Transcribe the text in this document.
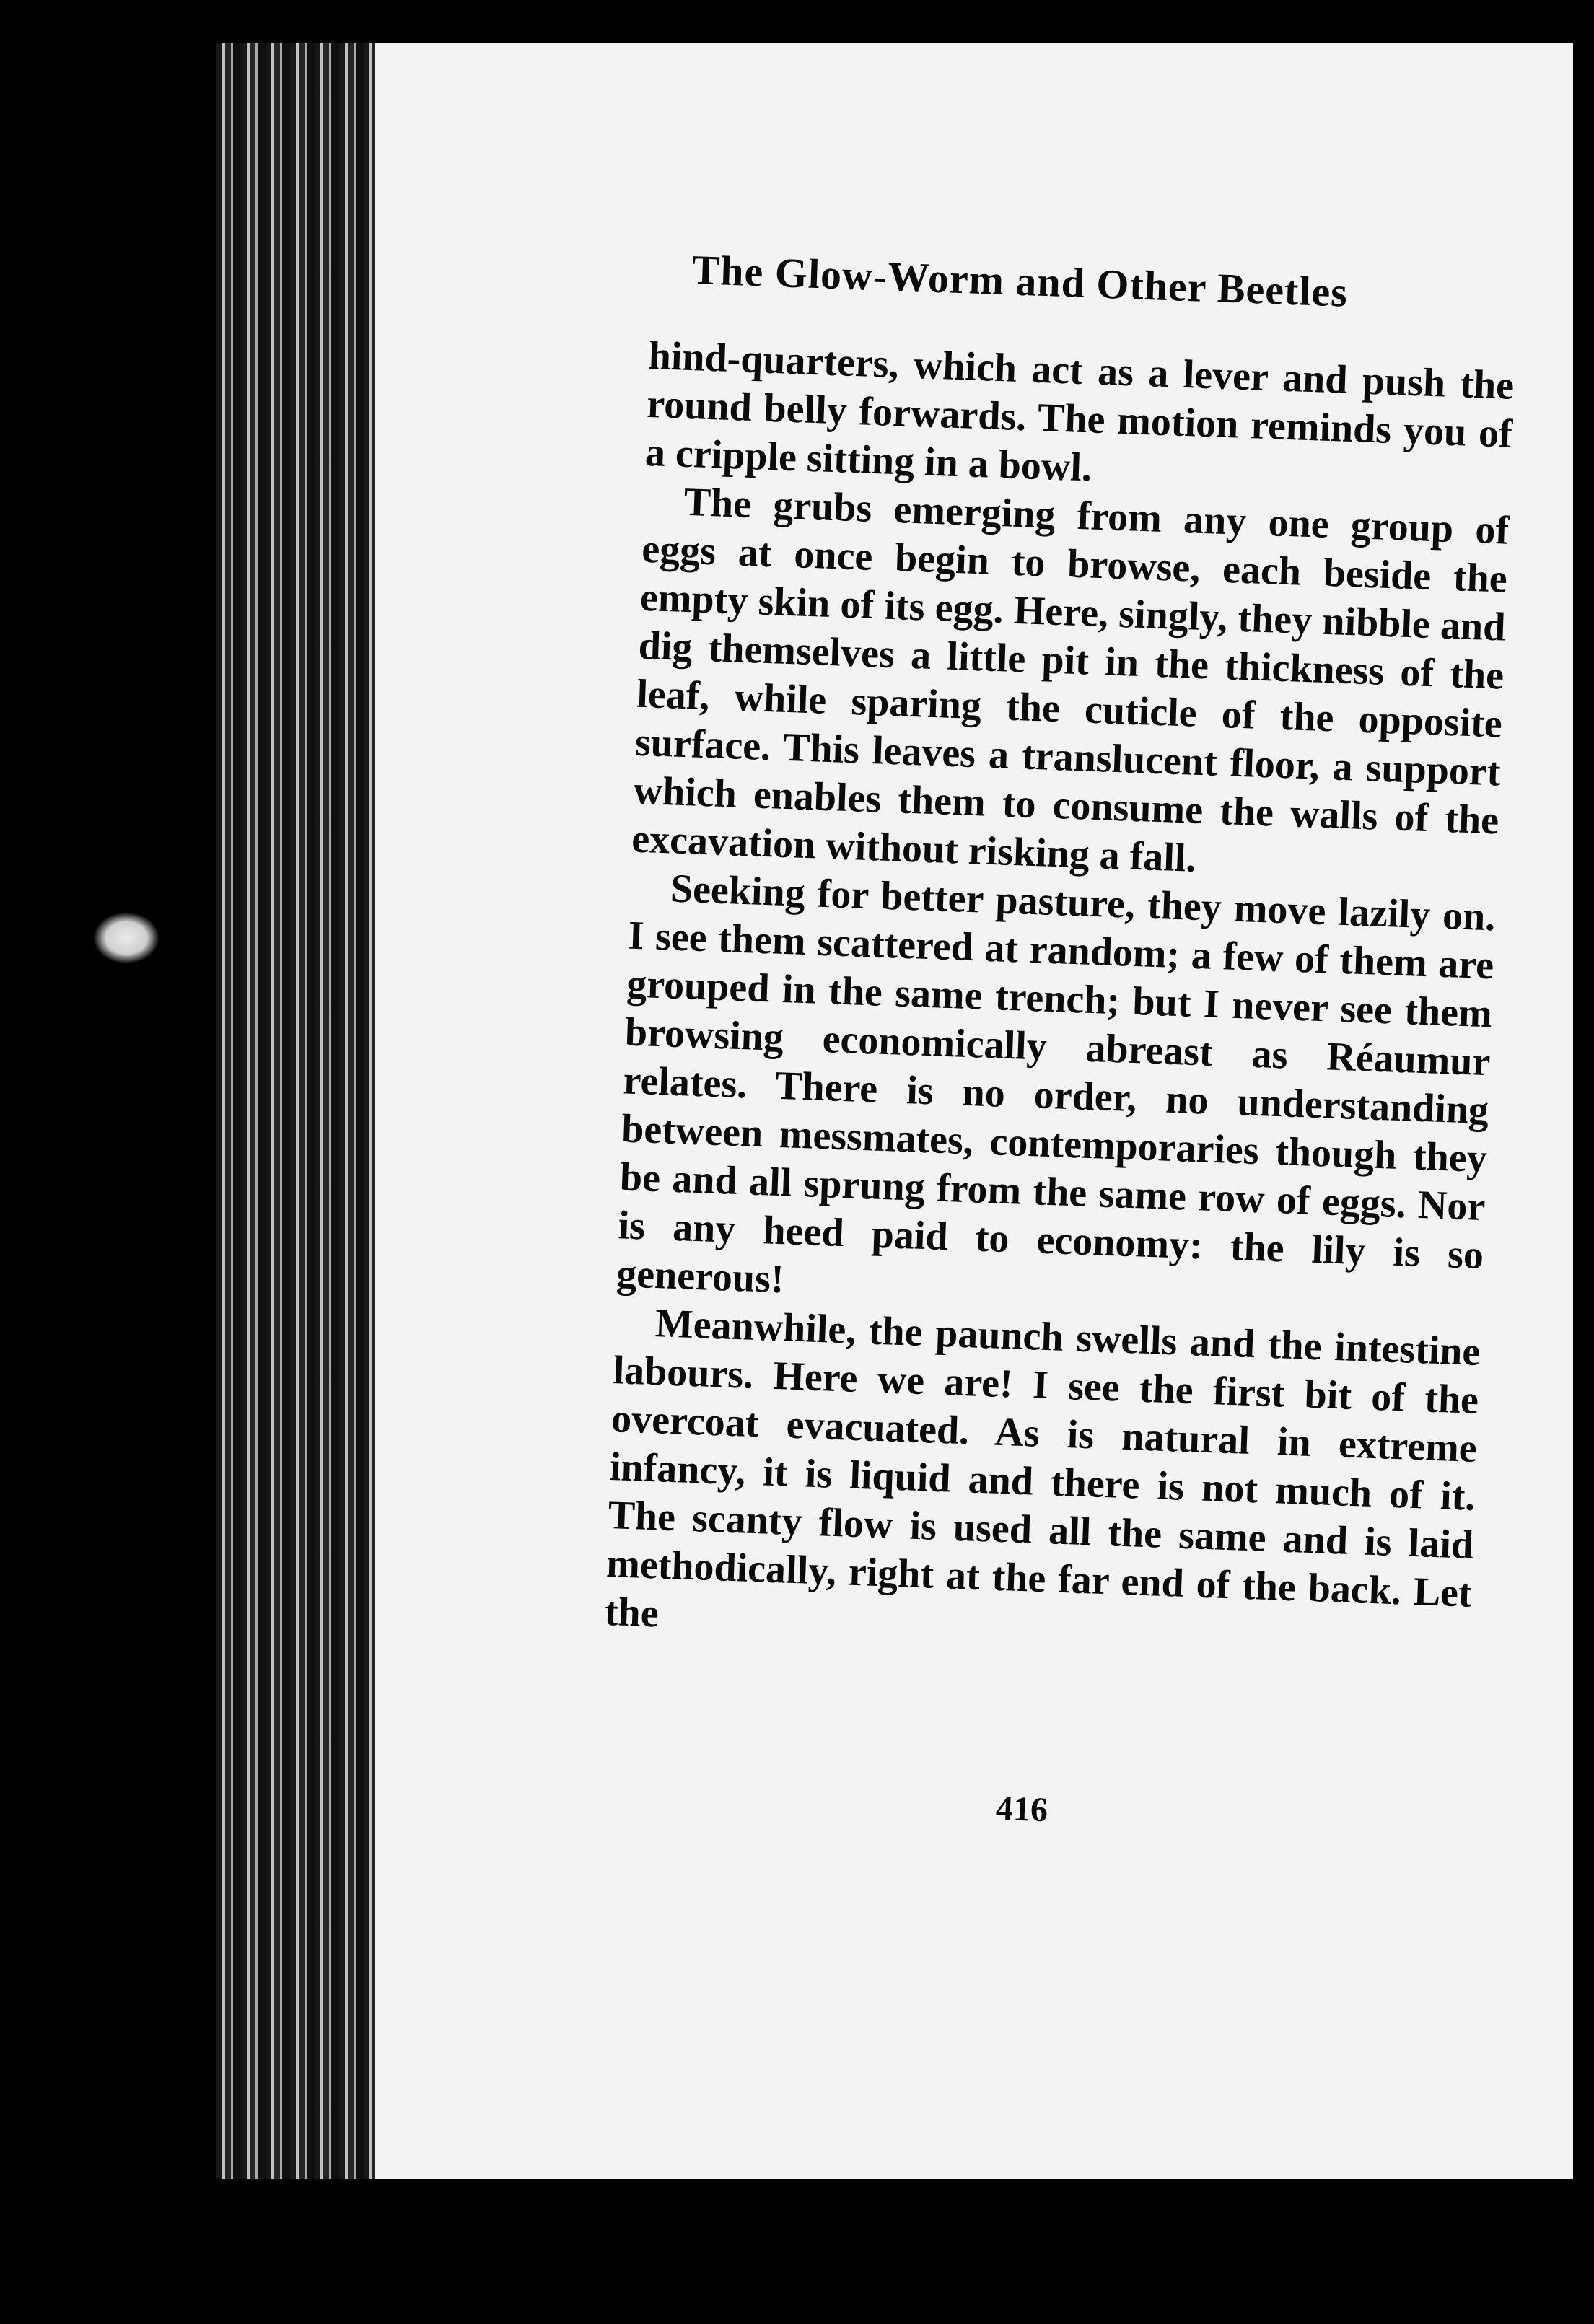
The Glow-Worm and Other Beetles

hind-quarters, which act as a lever and push the round belly forwards. The motion reminds you of a cripple sitting in a bowl.

The grubs emerging from any one group of eggs at once begin to browse, each beside the empty skin of its egg. Here, singly, they nibble and dig themselves a little pit in the thickness of the leaf, while sparing the cuticle of the opposite surface. This leaves a translucent floor, a support which enables them to consume the walls of the excavation without risking a fall.

Seeking for better pasture, they move lazily on. I see them scattered at random; a few of them are grouped in the same trench; but I never see them browsing economically abreast as Réaumur relates. There is no order, no understanding between messmates, contemporaries though they be and all sprung from the same row of eggs. Nor is any heed paid to economy: the lily is so generous!

Meanwhile, the paunch swells and the intestine labours. Here we are! I see the first bit of the overcoat evacuated. As is natural in extreme infancy, it is liquid and there is not much of it. The scanty flow is used all the same and is laid methodically, right at the far end of the back. Let the

416
